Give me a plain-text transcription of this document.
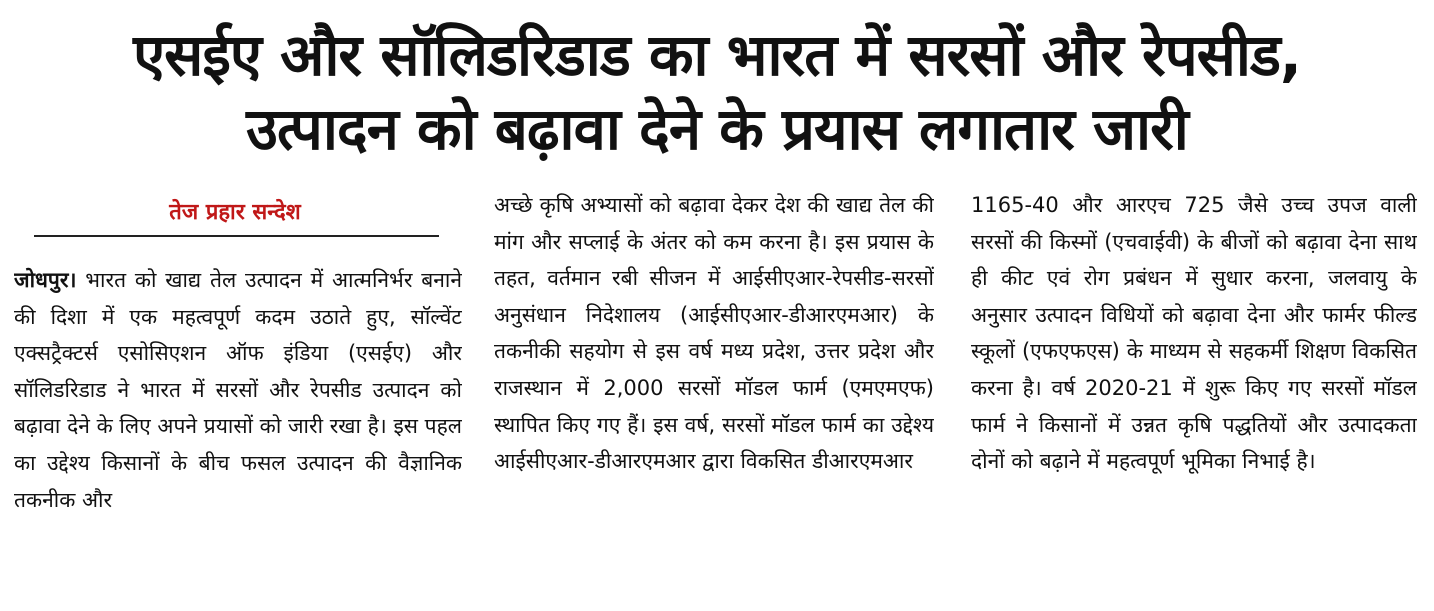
एसईए और सॉलिडरिडाड का भारत में सरसों और रेपसीड,
उत्पादन को बढ़ावा देने के प्रयास लगातार जारी
तेज प्रहार सन्देश
जोधपुर। भारत को खाद्य तेल उत्पादन में आत्मनिर्भर बनाने की दिशा में एक महत्वपूर्ण कदम उठाते हुए, सॉल्वेंट एक्सट्रैक्टर्स एसोसिएशन ऑफ इंडिया (एसईए) और सॉलिडरिडाड ने भारत में सरसों और रेपसीड उत्पादन को बढ़ावा देने के लिए अपने प्रयासों को जारी रखा है। इस पहल का उद्देश्य किसानों के बीच फसल उत्पादन की वैज्ञानिक तकनीक और
अच्छे कृषि अभ्यासों को बढ़ावा देकर देश की खाद्य तेल की मांग और सप्लाई के अंतर को कम करना है। इस प्रयास के तहत, वर्तमान रबी सीजन में आईसीएआर-रेपसीड-सरसों अनुसंधान निदेशालय (आईसीएआर-डीआरएमआर) के तकनीकी सहयोग से इस वर्ष मध्य प्रदेश, उत्तर प्रदेश और राजस्थान में 2,000 सरसों मॉडल फार्म (एमएमएफ) स्थापित किए गए हैं। इस वर्ष, सरसों मॉडल फार्म का उद्देश्य आईसीएआर-डीआरएमआर द्वारा विकसित डीआरएमआर
1165-40 और आरएच 725 जैसे उच्च उपज वाली सरसों की किस्मों (एचवाईवी) के बीजों को बढ़ावा देना साथ ही कीट एवं रोग प्रबंधन में सुधार करना, जलवायु के अनुसार उत्पादन विधियों को बढ़ावा देना और फार्मर फील्ड स्कूलों (एफएफएस) के माध्यम से सहकर्मी शिक्षण विकसित करना है। वर्ष 2020-21 में शुरू किए गए सरसों मॉडल फार्म ने किसानों में उन्नत कृषि पद्धतियों और उत्पादकता दोनों को बढ़ाने में महत्वपूर्ण भूमिका निभाई है।
